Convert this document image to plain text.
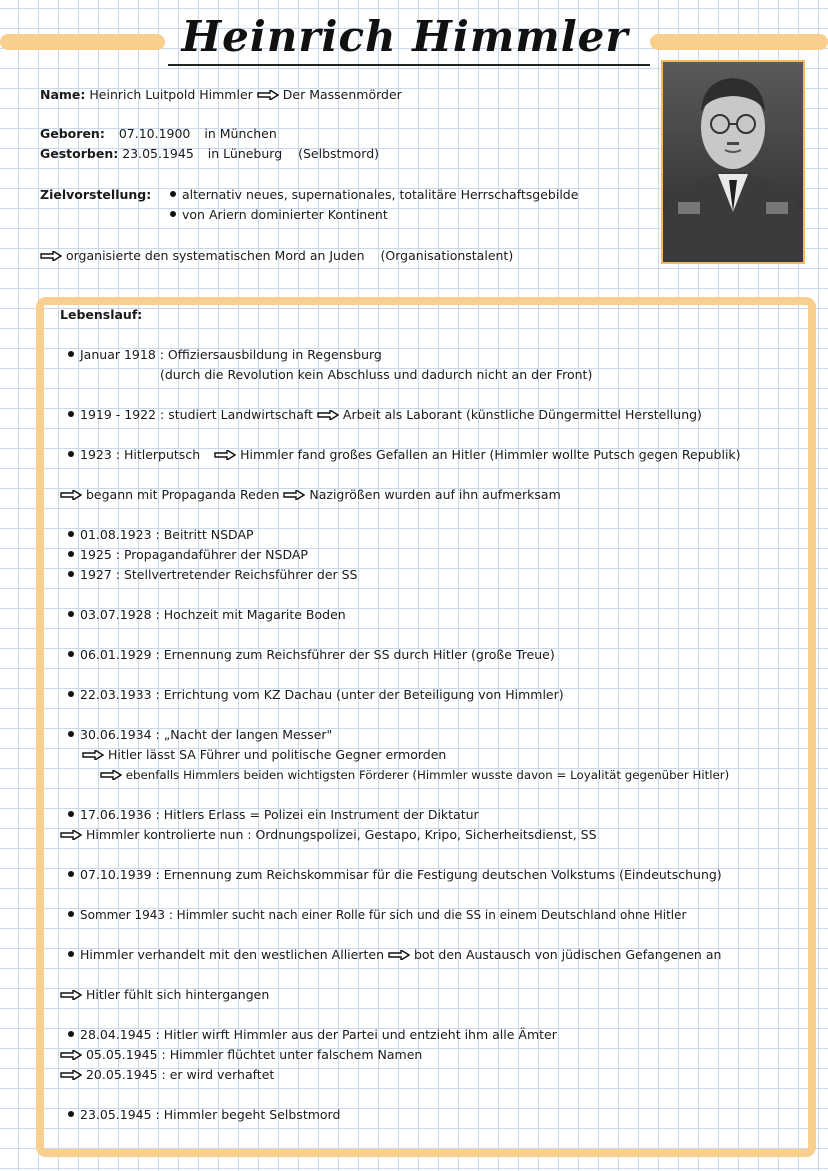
Heinrich Himmler
Name: Heinrich Luitpold Himmler Der Massenmörder
Geboren: 07.10.1900 in München
Gestorben: 23.05.1945 in Lüneburg (Selbstmord)
Zielvorstellung: alternativ neues, supernationales, totalitäre Herrschaftsgebilde
von Ariern dominierter Kontinent
organisierte den systematischen Mord an Juden (Organisationstalent)
Lebenslauf:
Januar 1918 : Offiziersausbildung in Regensburg
(durch die Revolution kein Abschluss und dadurch nicht an der Front)
1919 - 1922 : studiert Landwirtschaft Arbeit als Laborant (künstliche Düngermittel Herstellung)
1923 : Hitlerputsch	Himmler fand großes Gefallen an Hitler (Himmler wollte Putsch gegen Republik)
begann mit Propaganda Reden Nazigrößen wurden auf ihn aufmerksam
01.08.1923 : Beitritt NSDAP
1925 : Propagandaführer der NSDAP
1927 : Stellvertretender Reichsführer der SS
03.07.1928 : Hochzeit mit Magarite Boden
06.01.1929 : Ernennung zum Reichsführer der SS durch Hitler (große Treue)
22.03.1933 : Errichtung vom KZ Dachau (unter der Beteiligung von Himmler)
30.06.1934 : „Nacht der langen Messer"
Hitler lässt SA Führer und politische Gegner ermorden
ebenfalls Himmlers beiden wichtigsten Förderer (Himmler wusste davon = Loyalität gegenüber Hitler)
17.06.1936 : Hitlers Erlass = Polizei ein Instrument der Diktatur
Himmler kontrolierte nun : Ordnungspolizei, Gestapo, Kripo, Sicherheitsdienst, SS
07.10.1939 : Ernennung zum Reichskommisar für die Festigung deutschen Volkstums (Eindeutschung)
Sommer 1943 : Himmler sucht nach einer Rolle für sich und die SS in einem Deutschland ohne Hitler
Himmler verhandelt mit den westlichen Allierten bot den Austausch von jüdischen Gefangenen an
Hitler fühlt sich hintergangen
28.04.1945 : Hitler wirft Himmler aus der Partei und entzieht ihm alle Ämter
05.05.1945 : Himmler flüchtet unter falschem Namen
20.05.1945 : er wird verhaftet
23.05.1945 : Himmler begeht Selbstmord
